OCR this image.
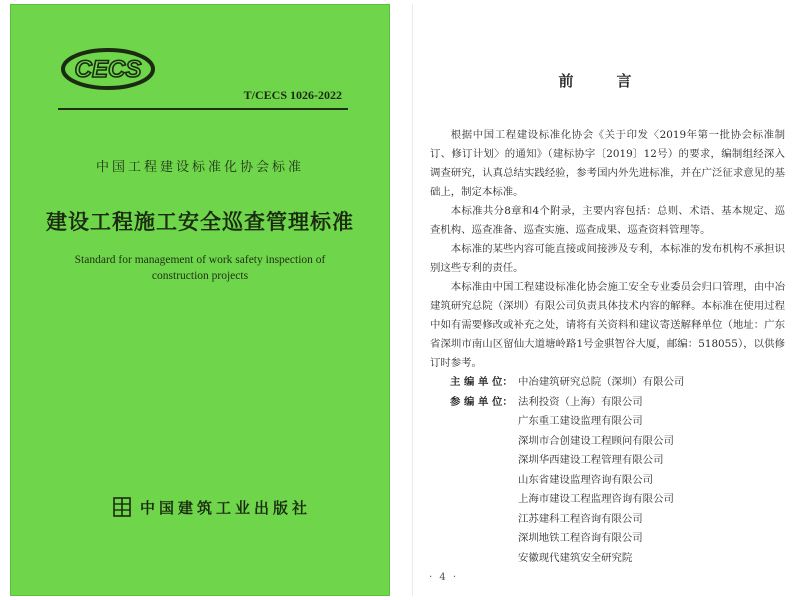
CECS
T/CECS 1026-2022
中国工程建设标准化协会标准
建设工程施工安全巡查管理标准
Standard for management of work safety inspection of construction projects
中国建筑工业出版社
前　言

根据中国工程建设标准化协会《关于印发〈2019年第一批协会标准制订、修订计划〉的通知》（建标协字〔2019〕12号）的要求，编制组经深入调查研究，认真总结实践经验，参考国内外先进标准，并在广泛征求意见的基础上，制定本标准。

本标准共分8章和4个附录，主要内容包括：总则、术语、基本规定、巡查机构、巡查准备、巡查实施、巡查成果、巡查资料管理等。

本标准的某些内容可能直接或间接涉及专利，本标准的发布机构不承担识别这些专利的责任。

本标准由中国工程建设标准化协会施工安全专业委员会归口管理，由中冶建筑研究总院（深圳）有限公司负责具体技术内容的解释。本标准在使用过程中如有需要修改或补充之处，请将有关资料和建议寄送解释单位（地址：广东省深圳市南山区留仙大道塘岭路1号金骐智谷大厦，邮编：518055），以供修订时参考。

主 编 单 位： 中冶建筑研究总院（深圳）有限公司
参 编 单 位： 法利投资（上海）有限公司
广东重工建设监理有限公司
深圳市合创建设工程顾问有限公司
深圳华西建设工程管理有限公司
山东省建设监理咨询有限公司
上海市建设工程监理咨询有限公司
江苏建科工程咨询有限公司
深圳地铁工程咨询有限公司
安徽现代建筑安全研究院
· 4 ·
